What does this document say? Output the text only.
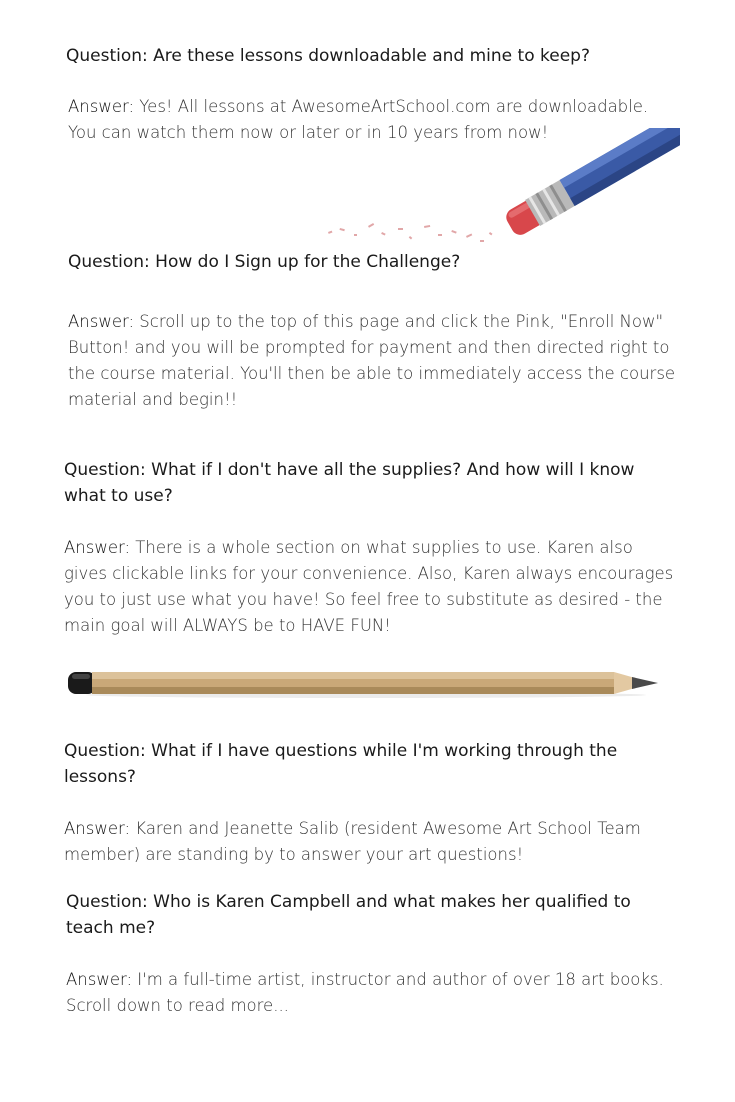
Question: Are these lessons downloadable and mine to keep?

Answer: Yes! All lessons at AwesomeArtSchool.com are downloadable. You can watch them now or later or in 10 years from now!

Question: How do I Sign up for the Challenge?

Answer: Scroll up to the top of this page and click the Pink, "Enroll Now" Button! and you will be prompted for payment and then directed right to the course material. You'll then be able to immediately access the course material and begin!!

Question: What if I don't have all the supplies? And how will I know what to use?

Answer: There is a whole section on what supplies to use. Karen also gives clickable links for your convenience. Also, Karen always encourages you to just use what you have! So feel free to substitute as desired - the main goal will ALWAYS be to HAVE FUN!

Question: What if I have questions while I'm working through the lessons?

Answer: Karen and Jeanette Salib (resident Awesome Art School Team member) are standing by to answer your art questions!

Question: Who is Karen Campbell and what makes her qualified to teach me?

Answer: I'm a full-time artist, instructor and author of over 18 art books. Scroll down to read more...
